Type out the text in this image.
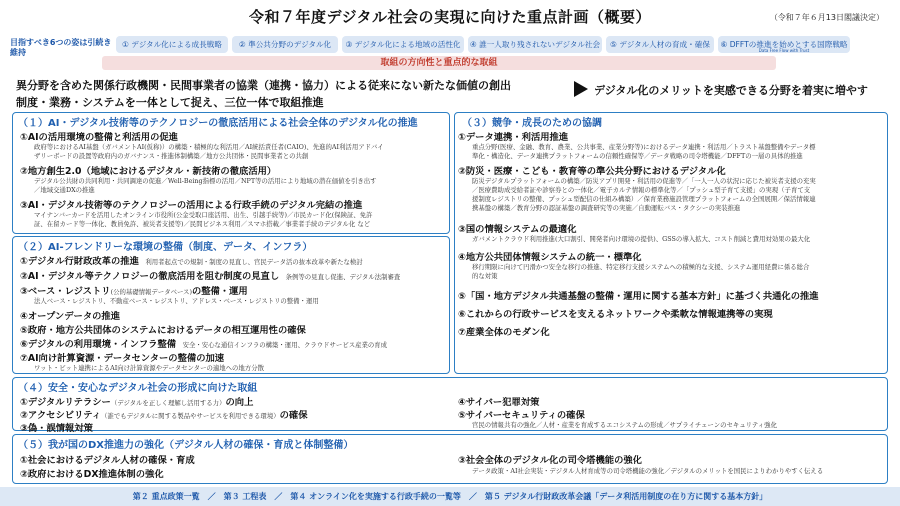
令和７年度デジタル社会の実現に向けた重点計画（概要）	（令和７年６月13日閣議決定）
目指すべき6つの姿は引続き維持
① デジタル化による成長戦略	② 準公共分野のデジタル化	③ デジタル化による地域の活性化	④ 誰一人取り残されないデジタル社会	⑤ デジタル人材の育成・確保	⑥ DFFTの推進を始めとする国際戦略
Data Free Flow with Trust
取組の方向性と重点的な取組
異分野を含めた関係行政機関・民間事業者の協業（連携・協力）による従来にない新たな価値の創出
制度・業務・システムを一体として捉え、三位一体で取組推進
デジタル化のメリットを実感できる分野を着実に増やす
（１）AI・デジタル技術等のテクノロジーの徹底活用による社会全体のデジタル化の推進
①AIの活用環境の整備と利活用の促進
政府等におけるAI基盤（ガバメントAI(仮称)）の構築・積極的な利活用／AI統括責任者(CAIO)、先進的AI利活用アドバイ
ザリーボードの設置等政府内のガバナンス・推進体制構築／地方公共団体・民間事業者との共創
②地方創生2.0（地域におけるデジタル・新技術の徹底活用）
デジタル公共財の共同利用・共同調達の促進／Well-Being指標の活用／NPT等の活用により地域の潜在価値を引き出す
／地域交通DXの推進
③AI・デジタル技術等のテクノロジーの活用による行政手続のデジタル完結の推進
マイナンバーカードを活用したオンライン市役所(公金受取口座活用、出生、引越手続等)／市民カード化(保険証、免許
証、在留カード等一体化、教員免許、被災者支援等)／民間ビジネス利用／スマホ搭載／事業者手続のデジタル化 など
（２）AI-フレンドリーな環境の整備（制度、データ、インフラ）
①デジタル行財政改革の推進 利用者起点での規制・制度の見直し、官民データ活の抜本改革や新たな検討
②AI・デジタル等テクノロジーの徹底活用を阻む制度の見直し 条例等の見直し促進、デジタル法制審査
③ベース・レジストリ(公的基礎情報データベース)の整備・運用
法人ベース・レジストリ、不動産ベース・レジストリ、アドレス・ベース・レジストリの整備・運用
④オープンデータの推進
⑤政府・地方公共団体のシステムにおけるデータの相互運用性の確保
⑥デジタルの利用環境・インフラ整備 安全・安心な通信インフラの構築・運用、クラウドサービス産業の育成
⑦AI向け計算資源・データセンターの整備の加速
ワット・ビット連携によるAI向け計算資源やデータセンターの適地への地方分散
（３）競争・成長のための協調
①データ連携・利活用推進
重点分野(医療、金融、教育、農業、公共事業、産業分野等)におけるデータ連携・利活用／トラスト基盤整備やデータ標
準化・構造化、データ連携プラットフォームの信頼性確保等／データ戦略の司令塔機能／DFFTの一層の具体的推進
②防災・医療・こども・教育等の準公共分野におけるデジタル化
防災デジタルプラットフォームの構築／防災アプリ開発・利活用の促進等／「一人一人の状況に応じた被災者支援の充実
／医療費助成受給者証や診察券との一体化／電子カルテ情報の標準化等／「プッシュ型子育て支援」の実現（子育て支
援制度レジストリの整備、プッシュ型配信の仕組み構築）／保育業務施設管理プラットフォームの全国展開／保活情報連
携基盤の構築／教育分野の認証基盤の調査研究等の実施／自動運転バス・タクシーの実装推進
③国の情報システムの最適化
ガバメントクラウド利用推進(大口割引、開発者向け環境の提供)、GSSの導入拡大、コスト削減と費用対効果の最大化
④地方公共団体情報システムの統一・標準化
移行期限に向けて円滑かつ安全な移行の推進、特定移行支援システムへの積極的な支援、システム運用経費に係る総合
的な対策
⑤「国・地方デジタル共通基盤の整備・運用に関する基本方針」に基づく共通化の推進
⑥これからの行政サービスを支えるネットワークや柔軟な情報連携等の実現
⑦産業全体のモダン化
（４）安全・安心なデジタル社会の形成に向けた取組
①デジタルリテラシー（デジタルを正しく理解し活用する力）の向上
②アクセシビリティ（誰でもデジタルに関する製品やサービスを利用できる環境）の確保
③偽・誤情報対策
④サイバー犯罪対策
⑤サイバーセキュリティの確保
官民の情報共有の強化／人材・産業を育成するエコシステムの形成／サプライチェーンのセキュリティ強化
（５）我が国のDX推進力の強化（デジタル人材の確保・育成と体制整備）
①社会におけるデジタル人材の確保・育成
②政府におけるDX推進体制の強化
③社会全体のデジタル化の司令塔機能の強化
データ政策・AI社会実装・デジタル人材育成等の司令塔機能の強化／デジタルのメリットを国民によりわかりやすく伝える
第２ 重点政策一覧　／　第３ 工程表　／　第４ オンライン化を実施する行政手続の一覧等　／　第５ デジタル行財政改革会議「データ利活用制度の在り方に関する基本方針」
